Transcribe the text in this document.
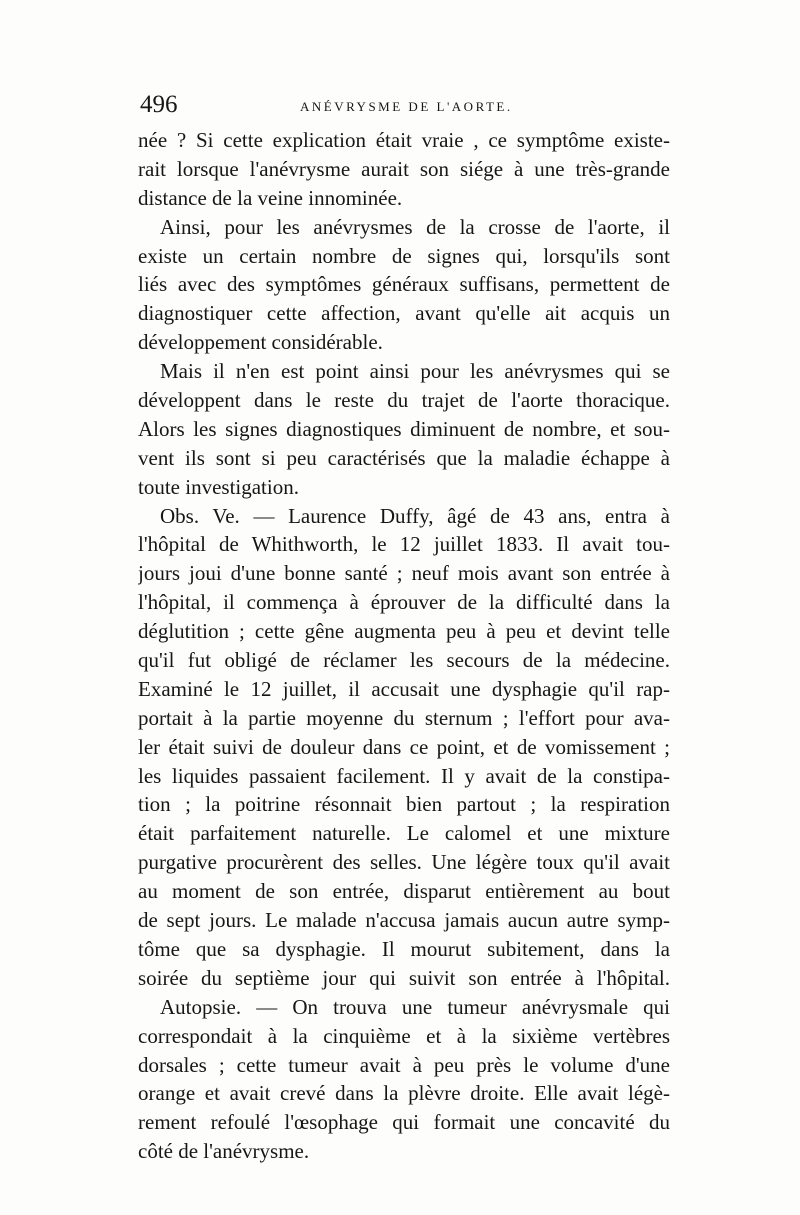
496	ANÉVRYSME DE L'AORTE.
née ? Si cette explication était vraie , ce symptôme existe-
rait lorsque l'anévrysme aurait son siége à une très-grande
distance de la veine innominée.
Ainsi, pour les anévrysmes de la crosse de l'aorte, il
existe un certain nombre de signes qui, lorsqu'ils sont
liés avec des symptômes généraux suffisans, permettent de
diagnostiquer cette affection, avant qu'elle ait acquis un
développement considérable.
Mais il n'en est point ainsi pour les anévrysmes qui se
développent dans le reste du trajet de l'aorte thoracique.
Alors les signes diagnostiques diminuent de nombre, et sou-
vent ils sont si peu caractérisés que la maladie échappe à
toute investigation.
Obs. Ve. — Laurence Duffy, âgé de 43 ans, entra à
l'hôpital de Whithworth, le 12 juillet 1833. Il avait tou-
jours joui d'une bonne santé ; neuf mois avant son entrée à
l'hôpital, il commença à éprouver de la difficulté dans la
déglutition ; cette gêne augmenta peu à peu et devint telle
qu'il fut obligé de réclamer les secours de la médecine.
Examiné le 12 juillet, il accusait une dysphagie qu'il rap-
portait à la partie moyenne du sternum ; l'effort pour ava-
ler était suivi de douleur dans ce point, et de vomissement ;
les liquides passaient facilement. Il y avait de la constipa-
tion ; la poitrine résonnait bien partout ; la respiration
était parfaitement naturelle. Le calomel et une mixture
purgative procurèrent des selles. Une légère toux qu'il avait
au moment de son entrée, disparut entièrement au bout
de sept jours. Le malade n'accusa jamais aucun autre symp-
tôme que sa dysphagie. Il mourut subitement, dans la
soirée du septième jour qui suivit son entrée à l'hôpital.
Autopsie. — On trouva une tumeur anévrysmale qui
correspondait à la cinquième et à la sixième vertèbres
dorsales ; cette tumeur avait à peu près le volume d'une
orange et avait crevé dans la plèvre droite. Elle avait légè-
rement refoulé l'œsophage qui formait une concavité du
côté de l'anévrysme.
